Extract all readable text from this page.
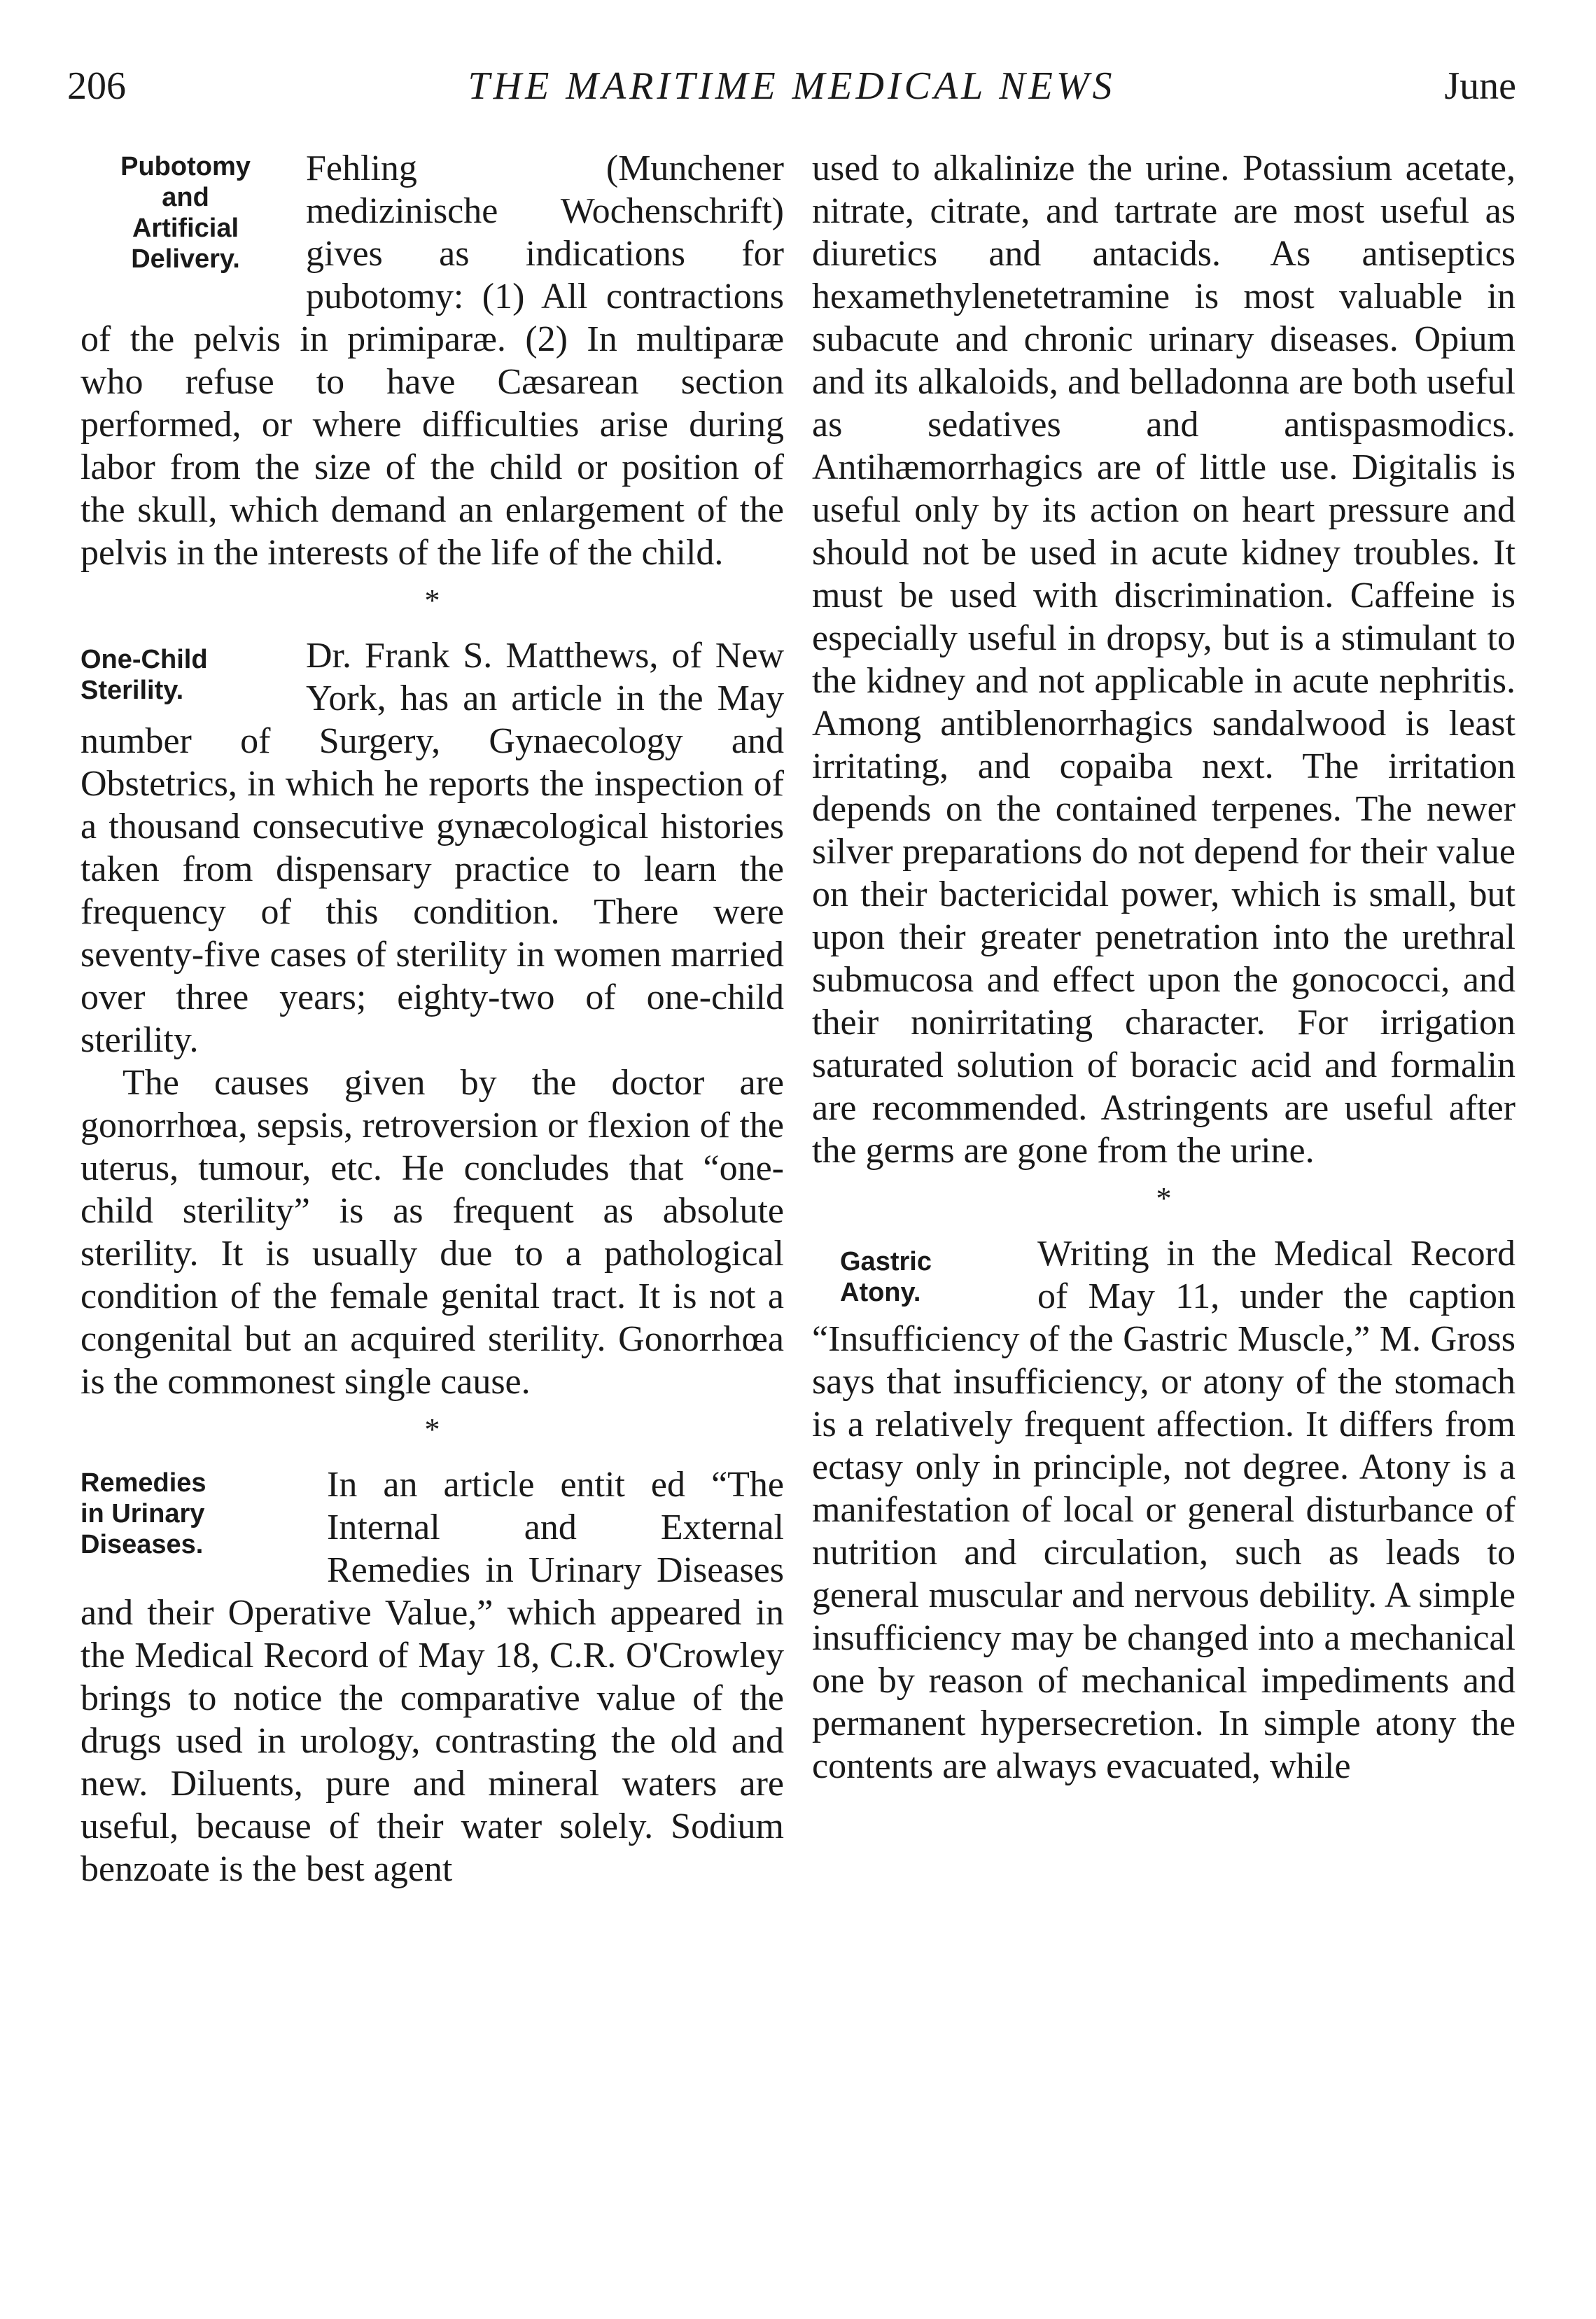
206	THE MARITIME MEDICAL NEWS	June
Pubotomy
and
Artificial
Delivery.

Fehling (Munchener medizinische Wochenschrift) gives as indications for pubotomy: (1) All contractions of the pelvis in primiparæ. (2) In multiparæ who refuse to have Cæsarean section performed, or where difficulties arise during labor from the size of the child or position of the skull, which demand an enlargement of the pelvis in the interests of the life of the child.

*
One-Child
Sterility.

Dr. Frank S. Matthews, of New York, has an article in the May number of Surgery, Gynaecology and Obstetrics, in which he reports the inspection of a thousand consecutive gynæcological histories taken from dispensary practice to learn the frequency of this condition. There were seventy-five cases of sterility in women married over three years; eighty-two of one-child sterility.

The causes given by the doctor are gonorrhœa, sepsis, retroversion or flexion of the uterus, tumour, etc. He concludes that “one-child sterility” is as frequent as absolute sterility. It is usually due to a pathological condition of the female genital tract. It is not a congenital but an acquired sterility. Gonorrhœa is the commonest single cause.

*
Remedies
in Urinary
Diseases.

In an article entit ed “The Internal and External Remedies in Urinary Diseases and their Operative Value,” which appeared in the Medical Record of May 18, C.R. O'Crowley brings to notice the comparative value of the drugs used in urology, contrasting the old and new. Diluents, pure and mineral waters are useful, because of their water solely. Sodium benzoate is the best agent

used to alkalinize the urine. Potassium acetate, nitrate, citrate, and tartrate are most useful as diuretics and antacids. As antiseptics hexamethylenetetramine is most valuable in subacute and chronic urinary diseases. Opium and its alkaloids, and belladonna are both useful as sedatives and antispasmodics. Antihæmorrhagics are of little use. Digitalis is useful only by its action on heart pressure and should not be used in acute kidney troubles. It must be used with discrimination. Caffeine is especially useful in dropsy, but is a stimulant to the kidney and not applicable in acute nephritis. Among antiblenorrhagics sandalwood is least irritating, and copaiba next. The irritation depends on the contained terpenes. The newer silver preparations do not depend for their value on their bactericidal power, which is small, but upon their greater penetration into the urethral submucosa and effect upon the gonococci, and their nonirritating character. For irrigation saturated solution of boracic acid and formalin are recommended. Astringents are useful after the germs are gone from the urine.

*
Gastric
Atony.

Writing in the Medical Record of May 11, under the caption “Insufficiency of the Gastric Muscle,” M. Gross says that insufficiency, or atony of the stomach is a relatively frequent affection. It differs from ectasy only in principle, not degree. Atony is a manifestation of local or general disturbance of nutrition and circulation, such as leads to general muscular and nervous debility. A simple insufficiency may be changed into a mechanical one by reason of mechanical impediments and permanent hypersecretion. In simple atony the contents are always evacuated, while
